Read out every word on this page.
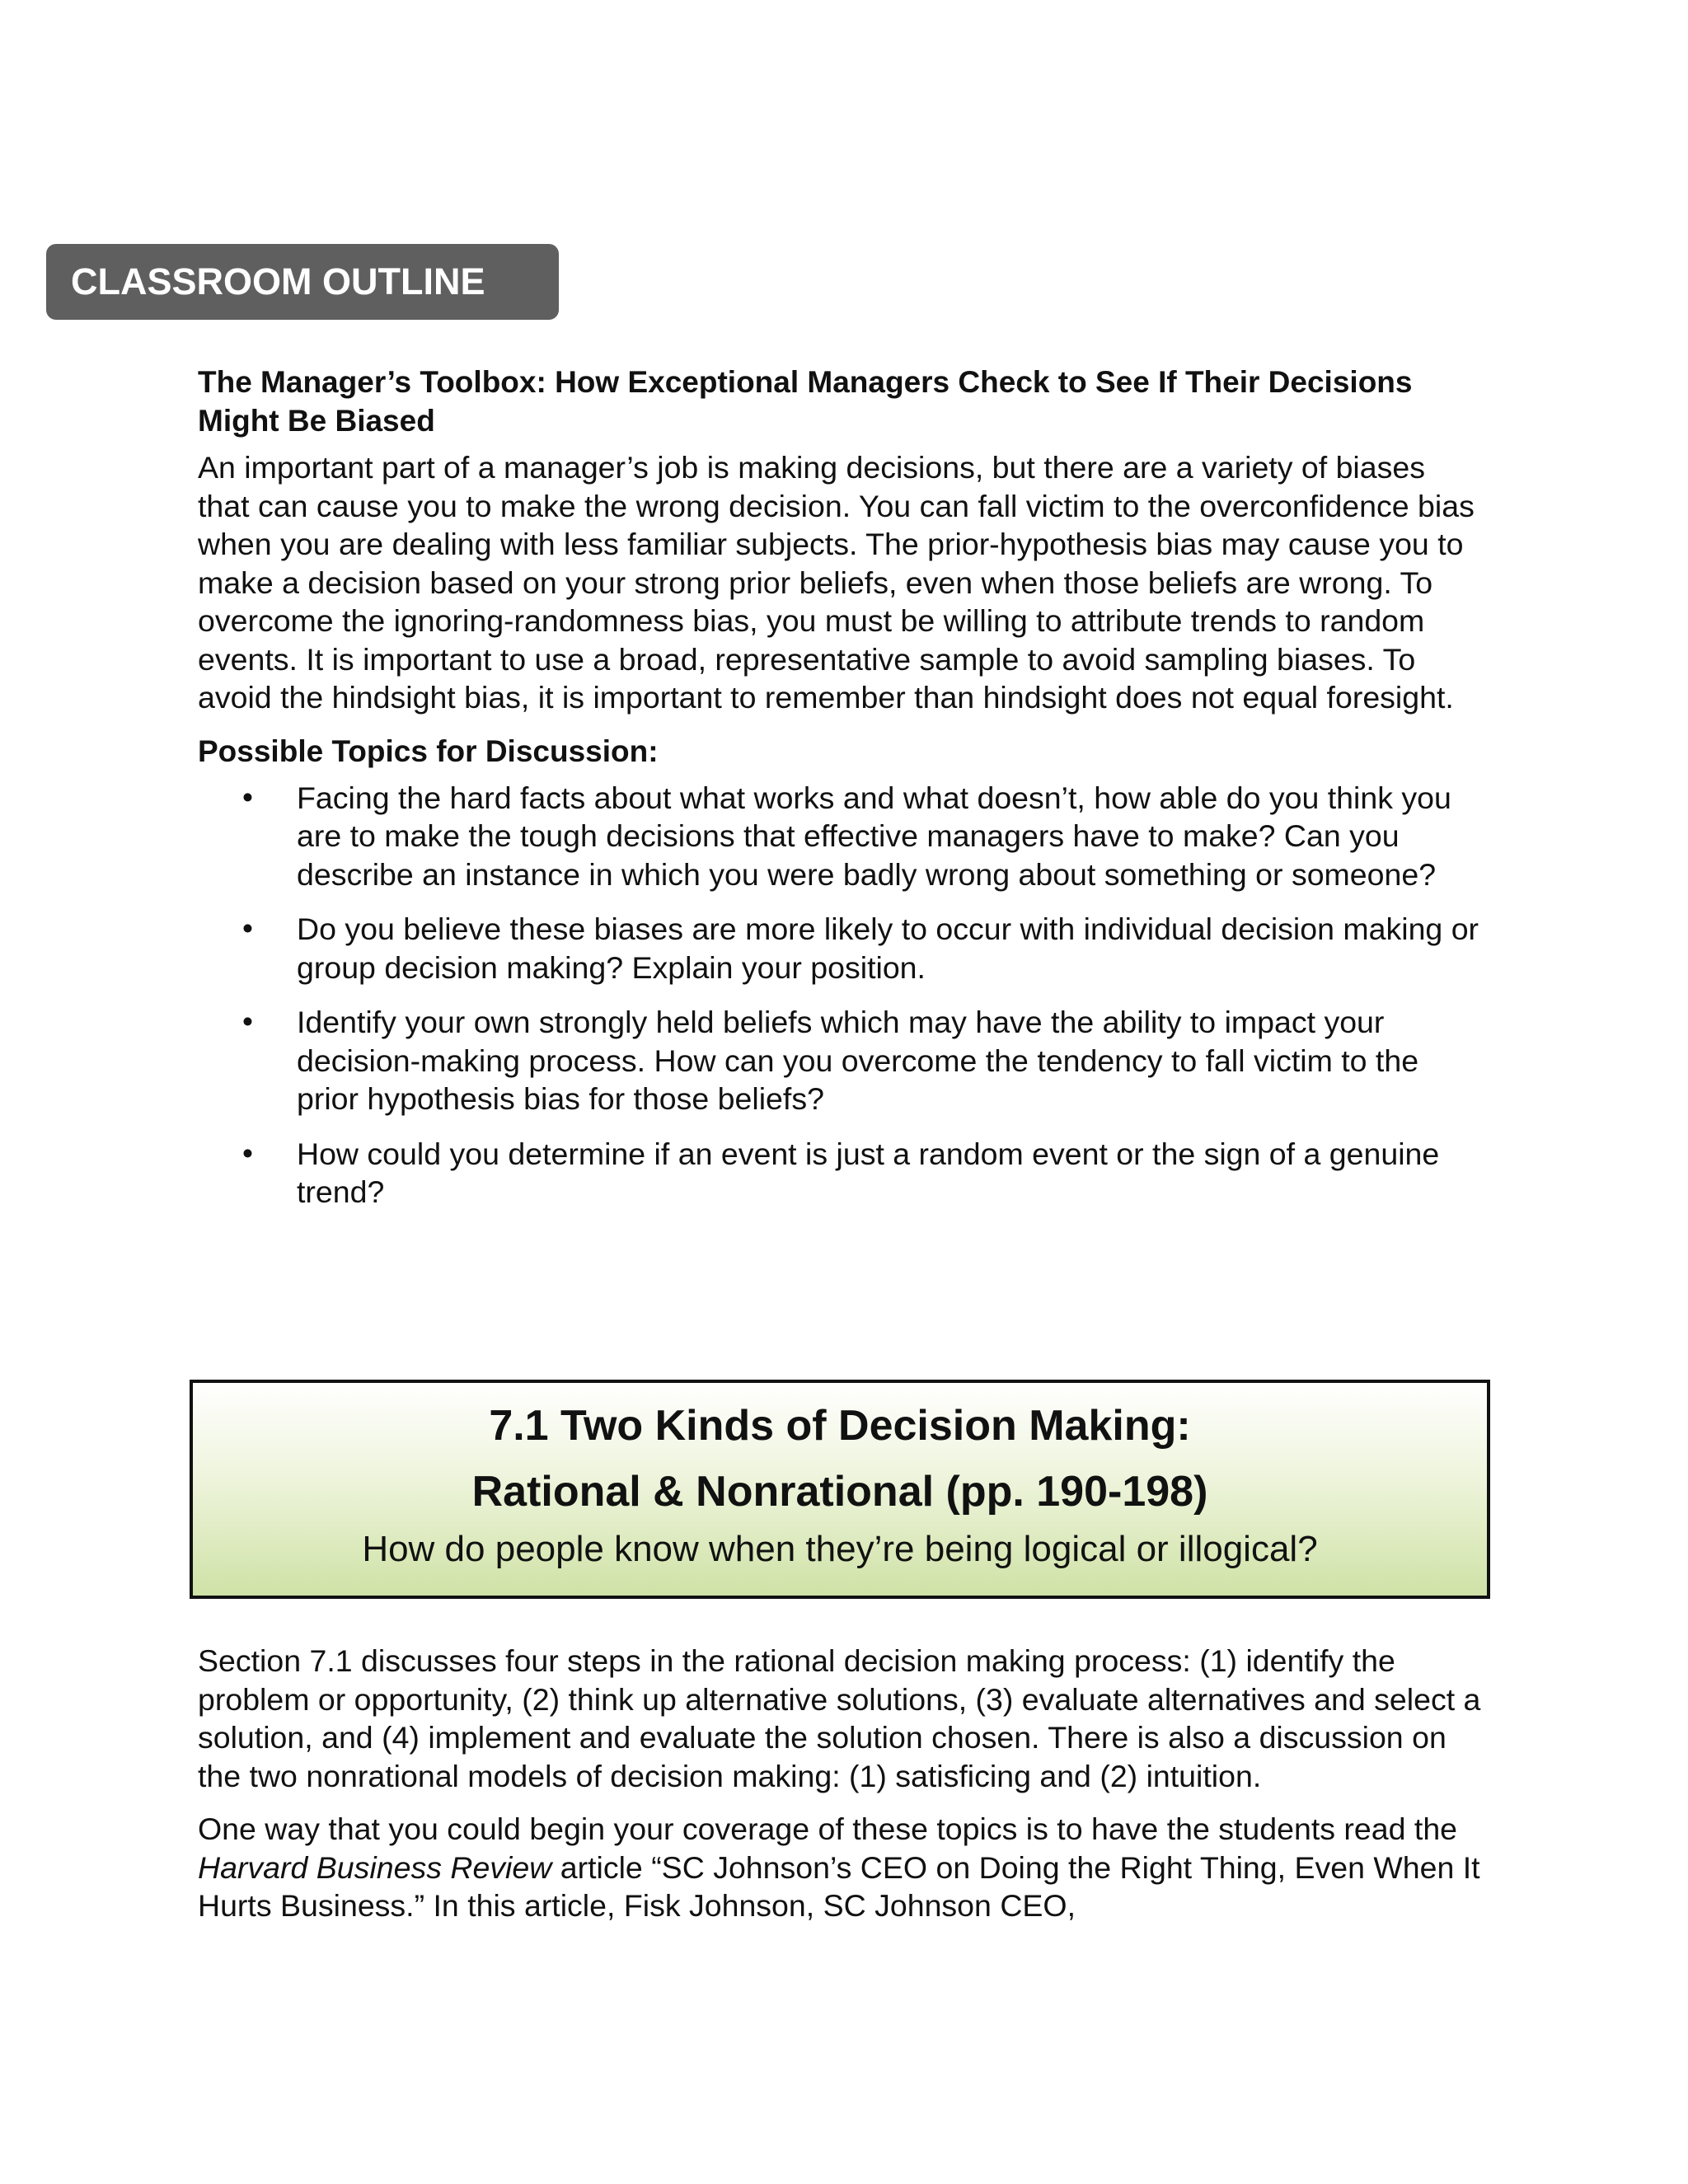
CLASSROOM OUTLINE

The Manager’s Toolbox: How Exceptional Managers Check to See If Their Decisions Might Be Biased

An important part of a manager’s job is making decisions, but there are a variety of biases that can cause you to make the wrong decision. You can fall victim to the overconfidence bias when you are dealing with less familiar subjects. The prior-hypothesis bias may cause you to make a decision based on your strong prior beliefs, even when those beliefs are wrong. To overcome the ignoring-randomness bias, you must be willing to attribute trends to random events. It is important to use a broad, representative sample to avoid sampling biases. To avoid the hindsight bias, it is important to remember than hindsight does not equal foresight.

Possible Topics for Discussion:

• Facing the hard facts about what works and what doesn’t, how able do you think you are to make the tough decisions that effective managers have to make? Can you describe an instance in which you were badly wrong about something or someone?
• Do you believe these biases are more likely to occur with individual decision making or group decision making? Explain your position.
• Identify your own strongly held beliefs which may have the ability to impact your decision-making process. How can you overcome the tendency to fall victim to the prior hypothesis bias for those beliefs?
• How could you determine if an event is just a random event or the sign of a genuine trend?

7.1 Two Kinds of Decision Making:

Rational & Nonrational (pp. 190-198)

How do people know when they’re being logical or illogical?

Section 7.1 discusses four steps in the rational decision making process: (1) identify the problem or opportunity, (2) think up alternative solutions, (3) evaluate alternatives and select a solution, and (4) implement and evaluate the solution chosen. There is also a discussion on the two nonrational models of decision making: (1) satisficing and (2) intuition.

One way that you could begin your coverage of these topics is to have the students read the Harvard Business Review article “SC Johnson’s CEO on Doing the Right Thing, Even When It Hurts Business.” In this article, Fisk Johnson, SC Johnson CEO,
